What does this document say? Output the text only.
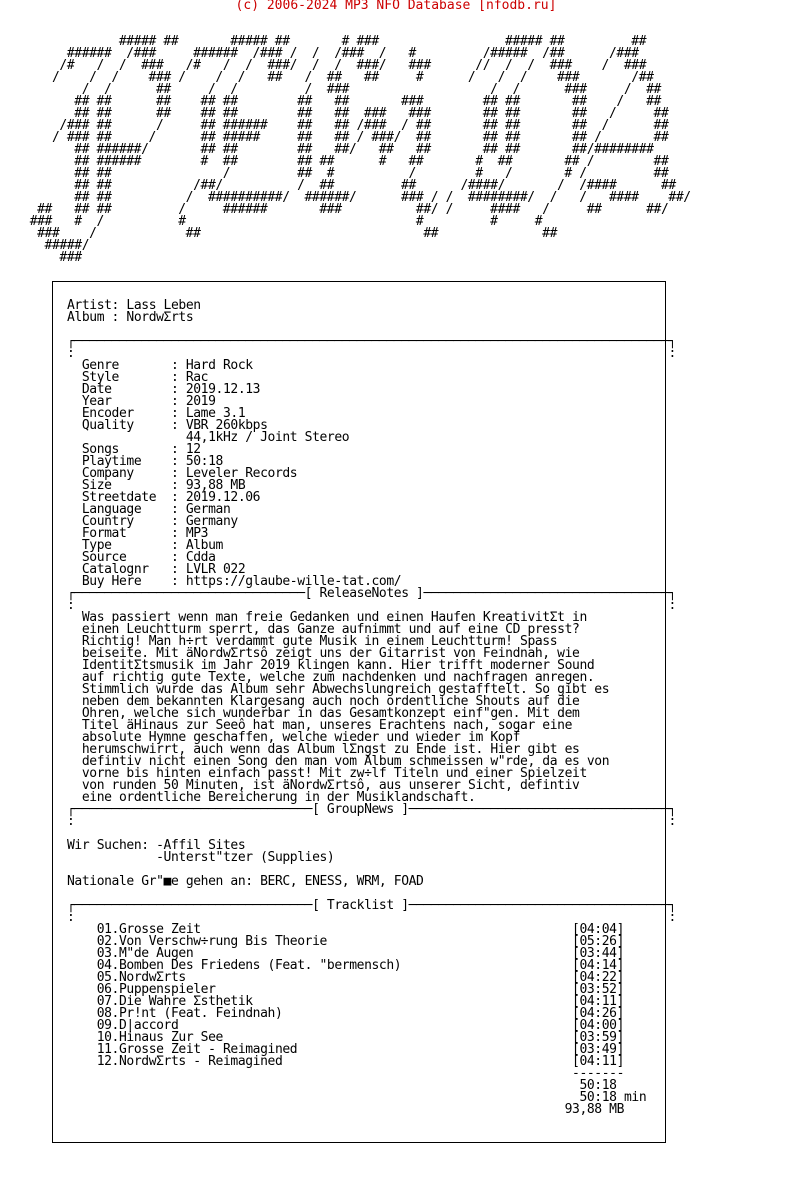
(c) 2006-2024 MP3 NFO Database [nfodb.ru]
##### ##       ##### ##       # ###                 ##### ##         ##
######  /###     ######  /### /  /  /###  /   #         /#####  /##      /###
/#   /  /  ###   /#   /  /  ###/  /  /  ###/   ###      //  /  /  ###    /  ###
/    /  /    ### /    /  /   ##   /  ##   ##     #      /   /  /    ###       /##
/  /      ##     /  /         /  ###                   /  /      ###     /  ##
## ##      ##    ## ##        ##   ##       ###        ## ##       ##    /   ##
## ##      ##    ## ##        ##   ##  ###   ###       ## ##       ##   /     ##
/### ##      /     ## ######    ##   ## /###  / ##       ## ##       ##  /      ##
/ ### ##     /      ## #####     ##   ## / ###/  ##       ## ##       ## /       ##
## ######/       ## ##        ##   ##/   ##   ##       ## ##       ##/########
## ######        #  ##        ## ##      #   ##       #  ##       ## /        ##
## ##               /         ##  #          /        #   /       # /         ##
## ##           /##/          /  ##         ##      /####/       /  /####      ##
## ##          /  ##########/  ######/      ### / /  ########/  /   /   ####    ##/
##   ## ##         /     ######       ###          ##/ /     ####   /     ##      ##/
###   #  /          #                               #         #     #
###    /            ##                              ##              ##
#####/
###
Artist: Lass Leben
Album : NordwΣrts

┌────────────────────────────────────────────────────────────────────────────────┐
:                                                                                :
Genre       : Hard Rock
Style       : Rac
Date        : 2019.12.13
Year        : 2019
Encoder     : Lame 3.1
Quality     : VBR 260kbps
44,1kHz / Joint Stereo
Songs       : 12
Playtime    : 50:18
Company     : Leveler Records
Size        : 93,88 MB
Streetdate  : 2019.12.06
Language    : German
Country     : Germany
Format      : MP3
Type        : Album
Source      : Cdda
Catalognr   : LVLR 022
Buy Here    : https://glaube-wille-tat.com/
┌───────────────────────────────[ ReleaseNotes ]─────────────────────────────────┐
:                                                                                :
Was passiert wenn man freie Gedanken und einen Haufen KreativitΣt in
einen Leuchtturm sperrt, das Ganze aufnimmt und auf eine CD presst?
Richtig! Man h÷rt verdammt gute Musik in einem Leuchtturm! Spass
beiseite. Mit äNordwΣrtsô zeigt uns der Gitarrist von Feindnah, wie
IdentitΣtsmusik im Jahr 2019 klingen kann. Hier trifft moderner Sound
auf richtig gute Texte, welche zum nachdenken und nachfragen anregen.
Stimmlich wurde das Album sehr Abwechslungreich gestafftelt. So gibt es
neben dem bekannten Klargesang auch noch ordentliche Shouts auf die
Ohren, welche sich wunderbar in das Gesamtkonzept einf"gen. Mit dem
Titel äHinaus zur Seeô hat man, unseres Erachtens nach, sogar eine
absolute Hymne geschaffen, welche wieder und wieder im Kopf
herumschwirrt, auch wenn das Album lΣngst zu Ende ist. Hier gibt es
defintiv nicht einen Song den man vom Album schmeissen w"rde, da es von
vorne bis hinten einfach passt! Mit zw÷lf Titeln und einer Spielzeit
von runden 50 Minuten, ist äNordwΣrtsô, aus unserer Sicht, defintiv
eine ordentliche Bereicherung in der Musiklandschaft.
┌────────────────────────────────[ GroupNews ]───────────────────────────────────┐
:                                                                                :

Wir Suchen: -Affil Sites
-Unterst"tzer (Supplies)

Nationale Gr"■e gehen an: BERC, ENESS, WRM, FOAD

┌────────────────────────────────[ Tracklist ]───────────────────────────────────┐
:                                                                                :
01.Grosse Zeit                                                  [04:04]
02.Von Verschw÷rung Bis Theorie                                 [05:26]
03.M"de Augen                                                   [03:44]
04.Bomben Des Friedens (Feat. "bermensch)                       [04:14]
05.NordwΣrts                                                    [04:22]
06.Puppenspieler                                                [03:52]
07.Die Wahre Σsthetik                                           [04:11]
08.Pr!nt (Feat. Feindnah)                                       [04:26]
09.D|accord                                                     [04:00]
10.Hinaus Zur See                                               [03:59]
11.Grosse Zeit - Reimagined                                     [03:49]
12.NordwΣrts - Reimagined                                       [04:11]
-------
50:18
50:18 min
93,88 MB
